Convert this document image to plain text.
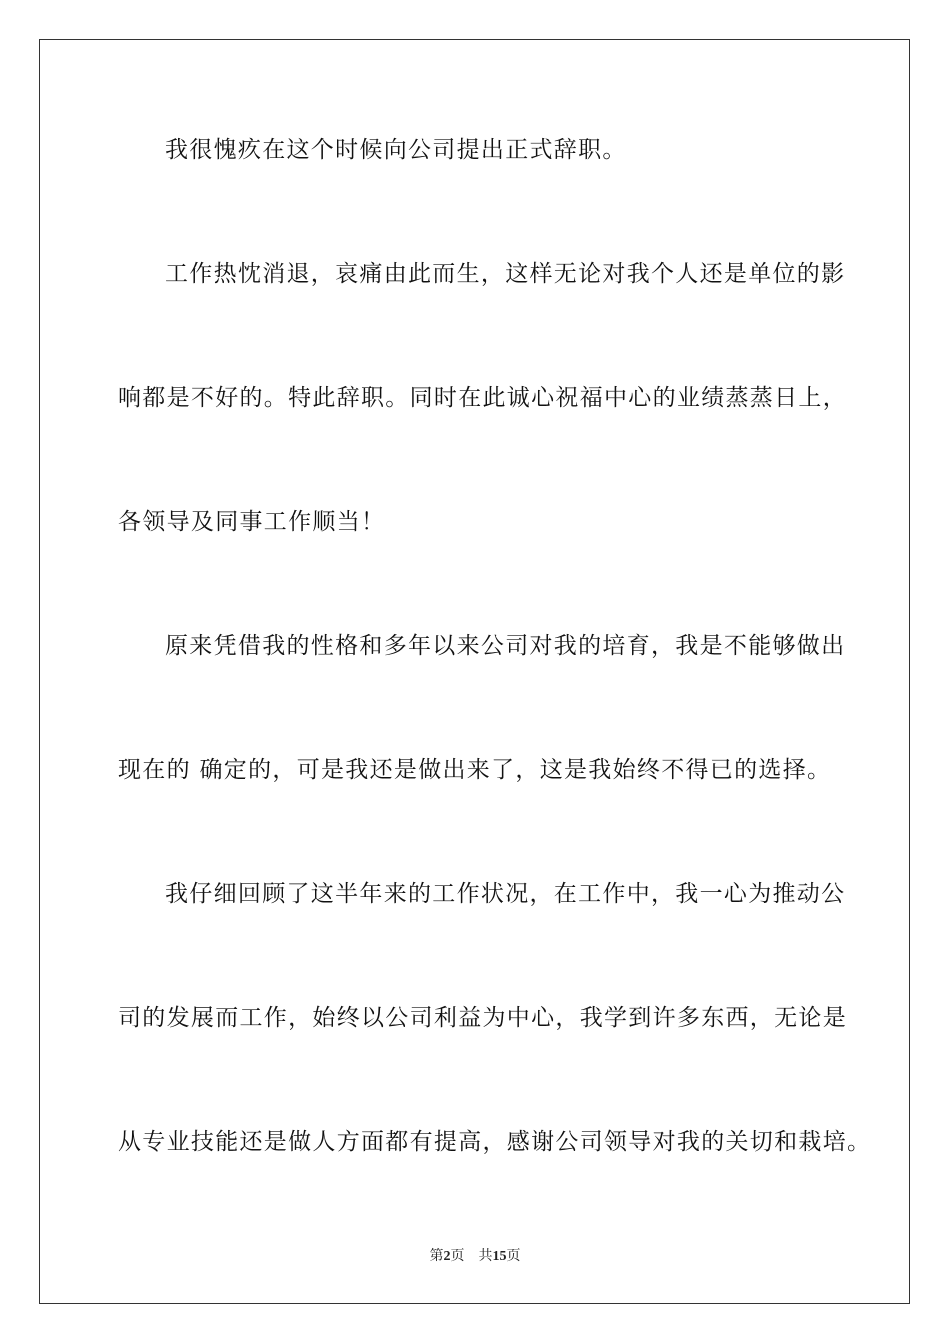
我很愧疚在这个时候向公司提出正式辞职。
工作热忱消退，哀痛由此而生，这样无论对我个人还是单位的影
响都是不好的。特此辞职。同时在此诚心祝福中心的业绩蒸蒸日上，
各领导及同事工作顺当！
原来凭借我的性格和多年以来公司对我的培育，我是不能够做出
现在的 确定的，可是我还是做出来了，这是我始终不得已的选择。
我仔细回顾了这半年来的工作状况，在工作中，我一心为推动公
司的发展而工作，始终以公司利益为中心，我学到许多东西，无论是
从专业技能还是做人方面都有提高，感谢公司领导对我的关切和栽培。
第2页 共15页
